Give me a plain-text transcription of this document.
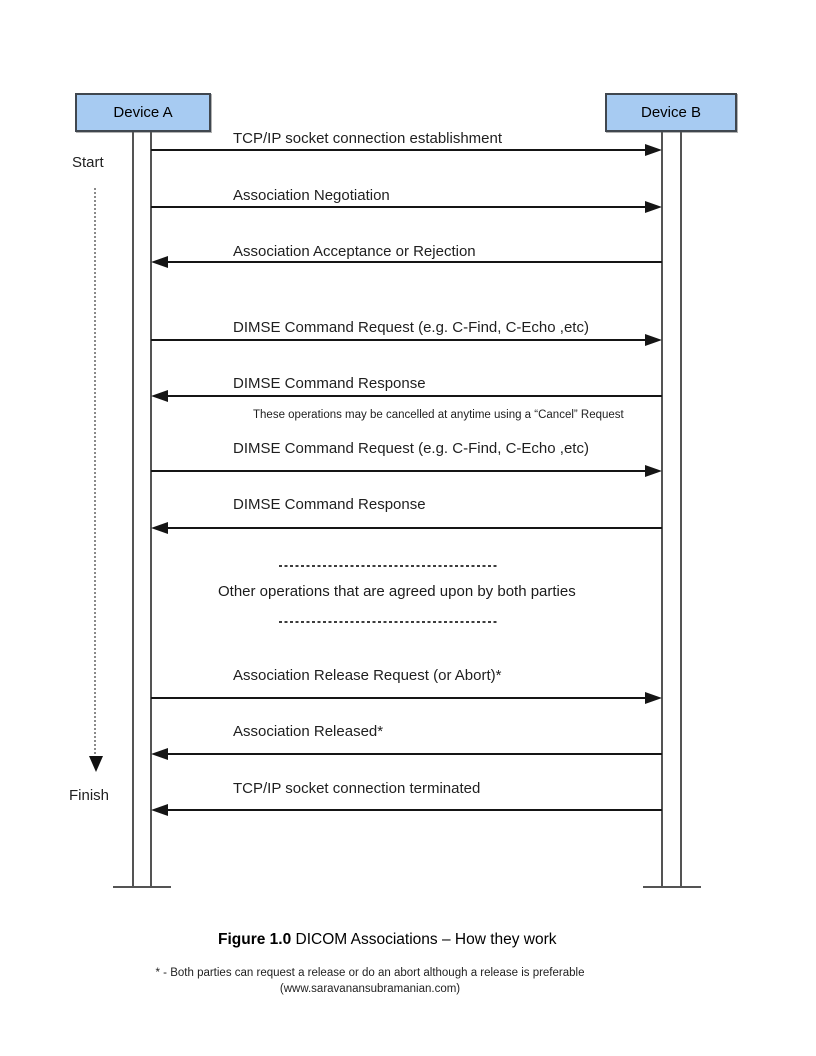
Device A	Device B
Start
Finish
TCP/IP socket connection establishment
Association Negotiation
Association Acceptance or Rejection
DIMSE Command Request (e.g. C-Find, C-Echo ,etc)
DIMSE Command Response
These operations may be cancelled at anytime using a “Cancel” Request
DIMSE Command Request (e.g. C-Find, C-Echo ,etc)
DIMSE Command Response
Other operations that are agreed upon by both parties
Association Release Request (or Abort)*
Association Released*
TCP/IP socket connection terminated
Figure 1.0 DICOM Associations – How they work
* - Both parties can request a release or do an abort although a release is preferable
(www.saravanansubramanian.com)
